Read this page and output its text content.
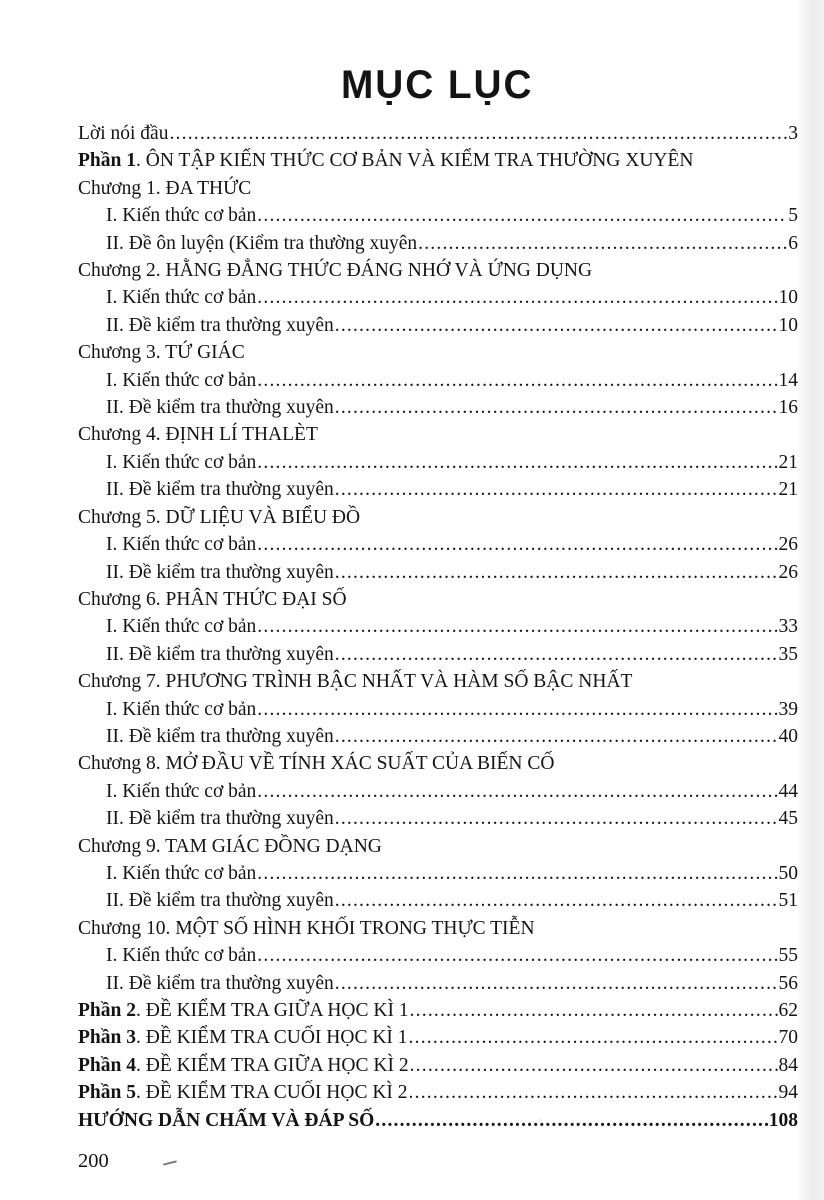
MỤC LỤC
Lời nói đầu .....	3
Phần 1. ÔN TẬP KIẾN THỨC CƠ BẢN VÀ KIỂM TRA THƯỜNG XUYÊN
Chương 1. ĐA THỨC
I. Kiến thức cơ bản .....	5
II. Đề ôn luyện (Kiểm tra thường xuyên .....	6
Chương 2. HẰNG ĐẲNG THỨC ĐÁNG NHỚ VÀ ỨNG DỤNG
I. Kiến thức cơ bản .....	10
II. Đề kiểm tra thường xuyên .....	10
Chương 3. TỨ GIÁC
I. Kiến thức cơ bản .....	14
II. Đề kiểm tra thường xuyên .....	16
Chương 4. ĐỊNH LÍ THALÈT
I. Kiến thức cơ bản .....	21
II. Đề kiểm tra thường xuyên .....	21
Chương 5. DỮ LIỆU VÀ BIỂU ĐỒ
I. Kiến thức cơ bản .....	26
II. Đề kiểm tra thường xuyên .....	26
Chương 6. PHÂN THỨC ĐẠI SỐ
I. Kiến thức cơ bản .....	33
II. Đề kiểm tra thường xuyên .....	35
Chương 7. PHƯƠNG TRÌNH BẬC NHẤT VÀ HÀM SỐ BẬC NHẤT
I. Kiến thức cơ bản .....	39
II. Đề kiểm tra thường xuyên .....	40
Chương 8. MỞ ĐẦU VỀ TÍNH XÁC SUẤT CỦA BIẾN CỐ
I. Kiến thức cơ bản .....	44
II. Đề kiểm tra thường xuyên .....	45
Chương 9. TAM GIÁC ĐỒNG DẠNG
I. Kiến thức cơ bản .....	50
II. Đề kiểm tra thường xuyên .....	51
Chương 10. MỘT SỐ HÌNH KHỐI TRONG THỰC TIỄN
I. Kiến thức cơ bản .....	55
II. Đề kiểm tra thường xuyên .....	56
Phần 2. ĐỀ KIỂM TRA GIỮA HỌC KÌ 1 .....	62
Phần 3. ĐỀ KIỂM TRA CUỐI HỌC KÌ 1 .....	70
Phần 4. ĐỀ KIỂM TRA GIỮA HỌC KÌ 2 .....	84
Phần 5. ĐỀ KIỂM TRA CUỐI HỌC KÌ 2 .....	94
HƯỚNG DẪN CHẤM VÀ ĐÁP SỐ .....	108
200
